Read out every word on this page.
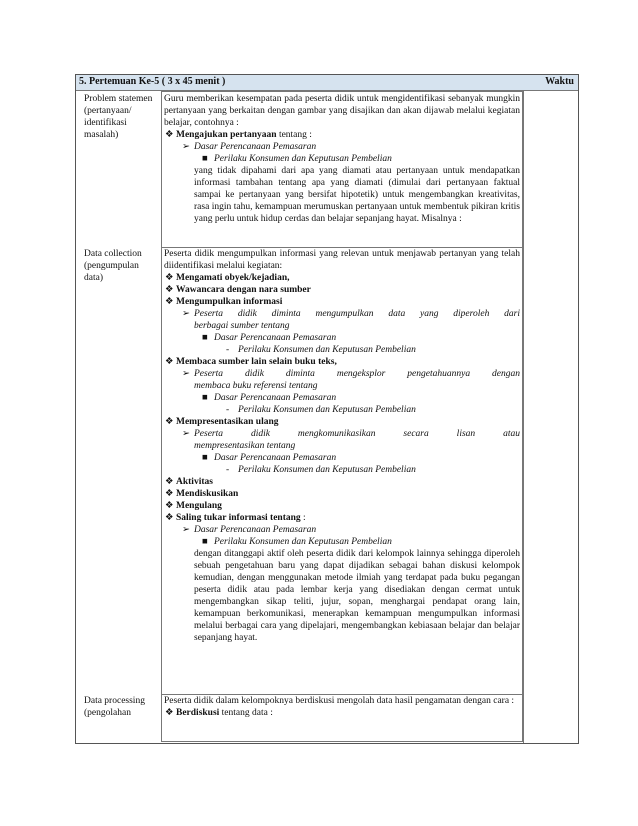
5. Pertemuan Ke-5 ( 3 x 45 menit )	Waktu
Problem statemen (pertanyaan/ identifikasi masalah)
Guru memberikan kesempatan pada peserta didik untuk mengidentifikasi sebanyak mungkin pertanyaan yang berkaitan dengan gambar yang disajikan dan akan dijawab melalui kegiatan belajar, contohnya :
❖ Mengajukan pertanyaan tentang :
➢ Dasar Perencanaan Pemasaran
■ Perilaku Konsumen dan Keputusan Pembelian
yang tidak dipahami dari apa yang diamati atau pertanyaan untuk mendapatkan informasi tambahan tentang apa yang diamati (dimulai dari pertanyaan faktual sampai ke pertanyaan yang bersifat hipotetik) untuk mengembangkan kreativitas, rasa ingin tahu, kemampuan merumuskan pertanyaan untuk membentuk pikiran kritis yang perlu untuk hidup cerdas dan belajar sepanjang hayat. Misalnya :
Data collection (pengumpulan data)
Peserta didik mengumpulkan informasi yang relevan untuk menjawab pertanyan yang telah diidentifikasi melalui kegiatan:
❖ Mengamati obyek/kejadian,
❖ Wawancara dengan nara sumber
❖ Mengumpulkan informasi
➢ Peserta didik diminta mengumpulkan data yang diperoleh dari
berbagai sumber tentang
■ Dasar Perencanaan Pemasaran
- Perilaku Konsumen dan Keputusan Pembelian
❖ Membaca sumber lain selain buku teks,
➢ Peserta didik diminta mengeksplor pengetahuannya dengan
membaca buku referensi tentang
■ Dasar Perencanaan Pemasaran
- Perilaku Konsumen dan Keputusan Pembelian
❖ Mempresentasikan ulang
➢ Peserta didik mengkomunikasikan secara lisan atau
mempresentasikan tentang
■ Dasar Perencanaan Pemasaran
- Perilaku Konsumen dan Keputusan Pembelian
❖ Aktivitas
❖ Mendiskusikan
❖ Mengulang
❖ Saling tukar informasi tentang :
➢ Dasar Perencanaan Pemasaran
■ Perilaku Konsumen dan Keputusan Pembelian
dengan ditanggapi aktif oleh peserta didik dari kelompok lainnya sehingga diperoleh sebuah pengetahuan baru yang dapat dijadikan sebagai bahan diskusi kelompok kemudian, dengan menggunakan metode ilmiah yang terdapat pada buku pegangan peserta didik atau pada lembar kerja yang disediakan dengan cermat untuk mengembangkan sikap teliti, jujur, sopan, menghargai pendapat orang lain, kemampuan berkomunikasi, menerapkan kemampuan mengumpulkan informasi melalui berbagai cara yang dipelajari, mengembangkan kebiasaan belajar dan belajar sepanjang hayat.
Data processing (pengolahan
Peserta didik dalam kelompoknya berdiskusi mengolah data hasil pengamatan dengan cara :
❖ Berdiskusi tentang data :
